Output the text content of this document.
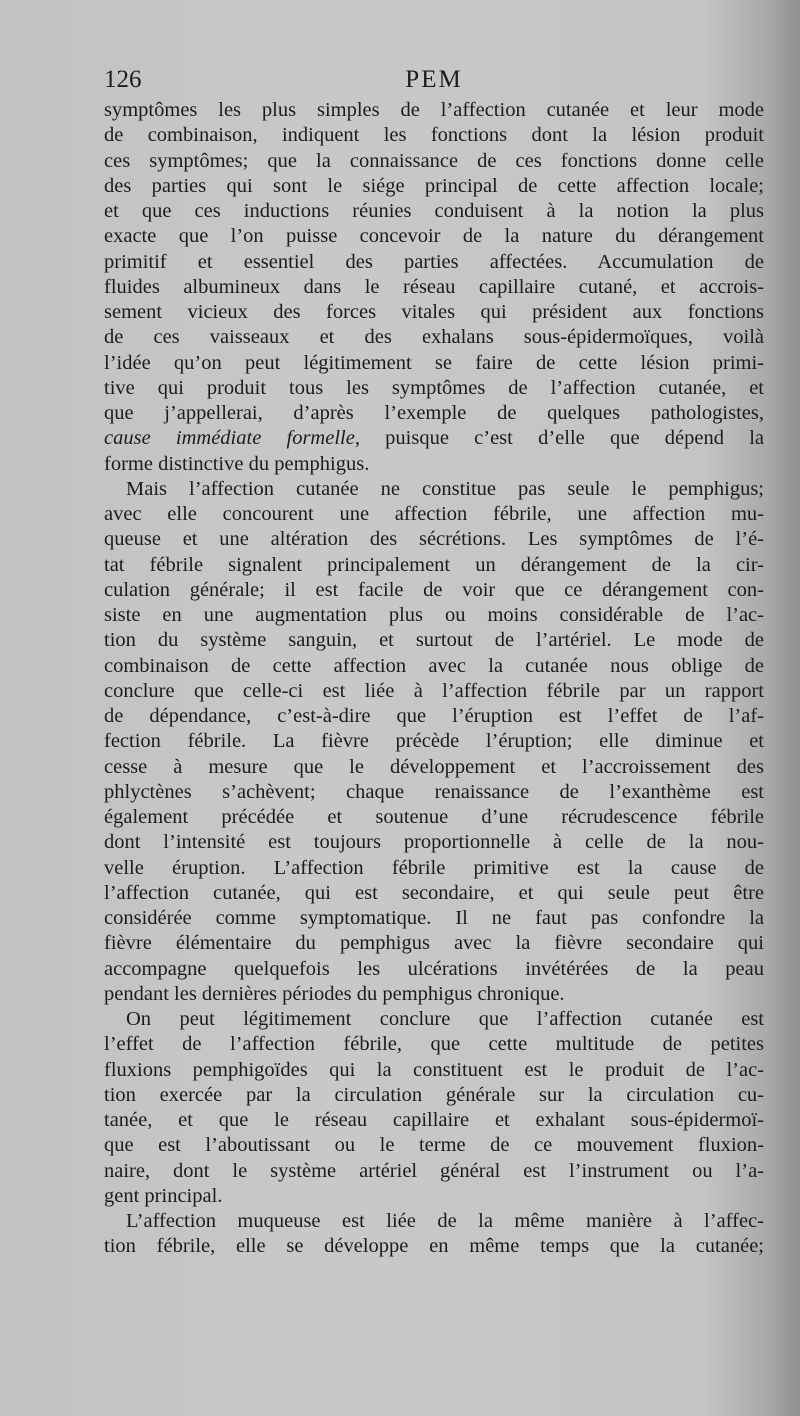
126	PEM
symptômes les plus simples de l’affection cutanée et leur mode
de combinaison, indiquent les fonctions dont la lésion produit
ces symptômes; que la connaissance de ces fonctions donne celle
des parties qui sont le siége principal de cette affection locale;
et que ces inductions réunies conduisent à la notion la plus
exacte que l’on puisse concevoir de la nature du dérangement
primitif et essentiel des parties affectées. Accumulation de
fluides albumineux dans le réseau capillaire cutané, et accrois-
sement vicieux des forces vitales qui président aux fonctions
de ces vaisseaux et des exhalans sous-épidermoïques, voilà
l’idée qu’on peut légitimement se faire de cette lésion primi-
tive qui produit tous les symptômes de l’affection cutanée, et
que j’appellerai, d’après l’exemple de quelques pathologistes,
cause immédiate formelle, puisque c’est d’elle que dépend la
forme distinctive du pemphigus.
Mais l’affection cutanée ne constitue pas seule le pemphigus;
avec elle concourent une affection fébrile, une affection mu-
queuse et une altération des sécrétions. Les symptômes de l’é-
tat fébrile signalent principalement un dérangement de la cir-
culation générale; il est facile de voir que ce dérangement con-
siste en une augmentation plus ou moins considérable de l’ac-
tion du système sanguin, et surtout de l’artériel. Le mode de
combinaison de cette affection avec la cutanée nous oblige de
conclure que celle-ci est liée à l’affection fébrile par un rapport
de dépendance, c’est-à-dire que l’éruption est l’effet de l’af-
fection fébrile. La fièvre précède l’éruption; elle diminue et
cesse à mesure que le développement et l’accroissement des
phlyctènes s’achèvent; chaque renaissance de l’exanthème est
également précédée et soutenue d’une récrudescence fébrile
dont l’intensité est toujours proportionnelle à celle de la nou-
velle éruption. L’affection fébrile primitive est la cause de
l’affection cutanée, qui est secondaire, et qui seule peut être
considérée comme symptomatique. Il ne faut pas confondre la
fièvre élémentaire du pemphigus avec la fièvre secondaire qui
accompagne quelquefois les ulcérations invétérées de la peau
pendant les dernières périodes du pemphigus chronique.
On peut légitimement conclure que l’affection cutanée est
l’effet de l’affection fébrile, que cette multitude de petites
fluxions pemphigoïdes qui la constituent est le produit de l’ac-
tion exercée par la circulation générale sur la circulation cu-
tanée, et que le réseau capillaire et exhalant sous-épidermoï-
que est l’aboutissant ou le terme de ce mouvement fluxion-
naire, dont le système artériel général est l’instrument ou l’a-
gent principal.
L’affection muqueuse est liée de la même manière à l’affec-
tion fébrile, elle se développe en même temps que la cutanée;
